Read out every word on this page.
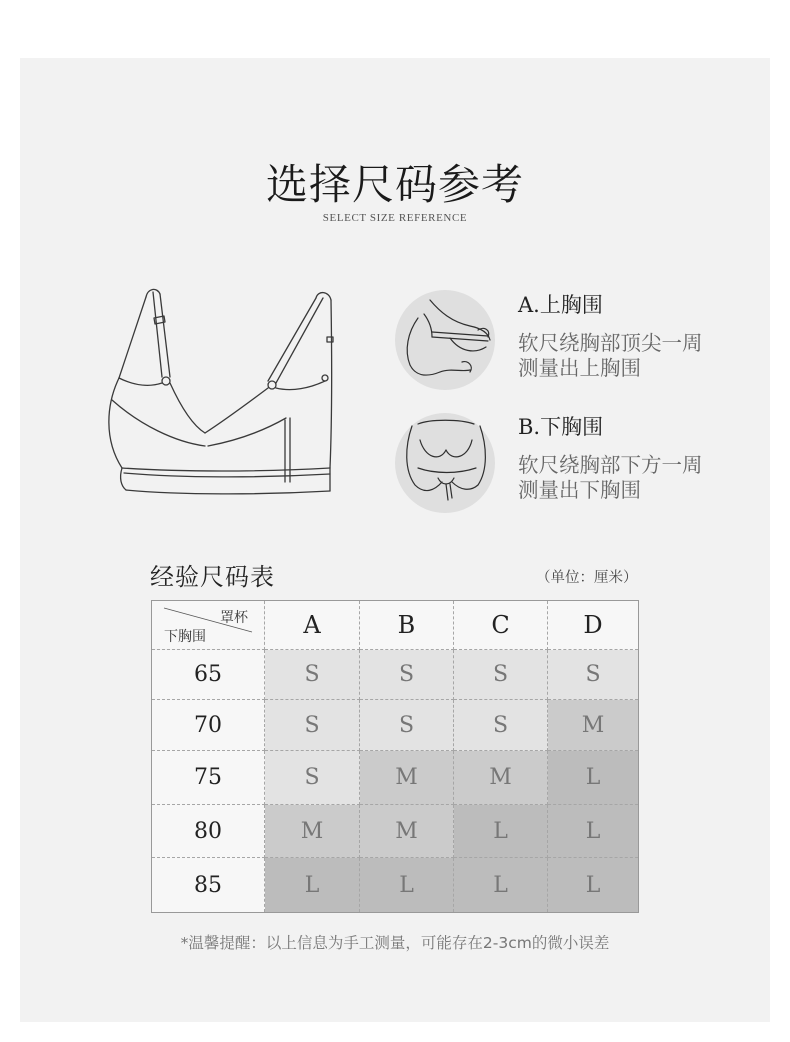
选择尺码参考
SELECT SIZE REFERENCE
A.上胸围
软尺绕胸部顶尖一周
测量出上胸围
B.下胸围
软尺绕胸部下方一周
测量出下胸围
经验尺码表	（单位：厘米）
罩杯
下胸围	A	B	C	D
65	S	S	S	S
70	S	S	S	M
75	S	M	M	L
80	M	M	L	L
85	L	L	L	L
*温馨提醒：以上信息为手工测量，可能存在2-3cm的微小误差
